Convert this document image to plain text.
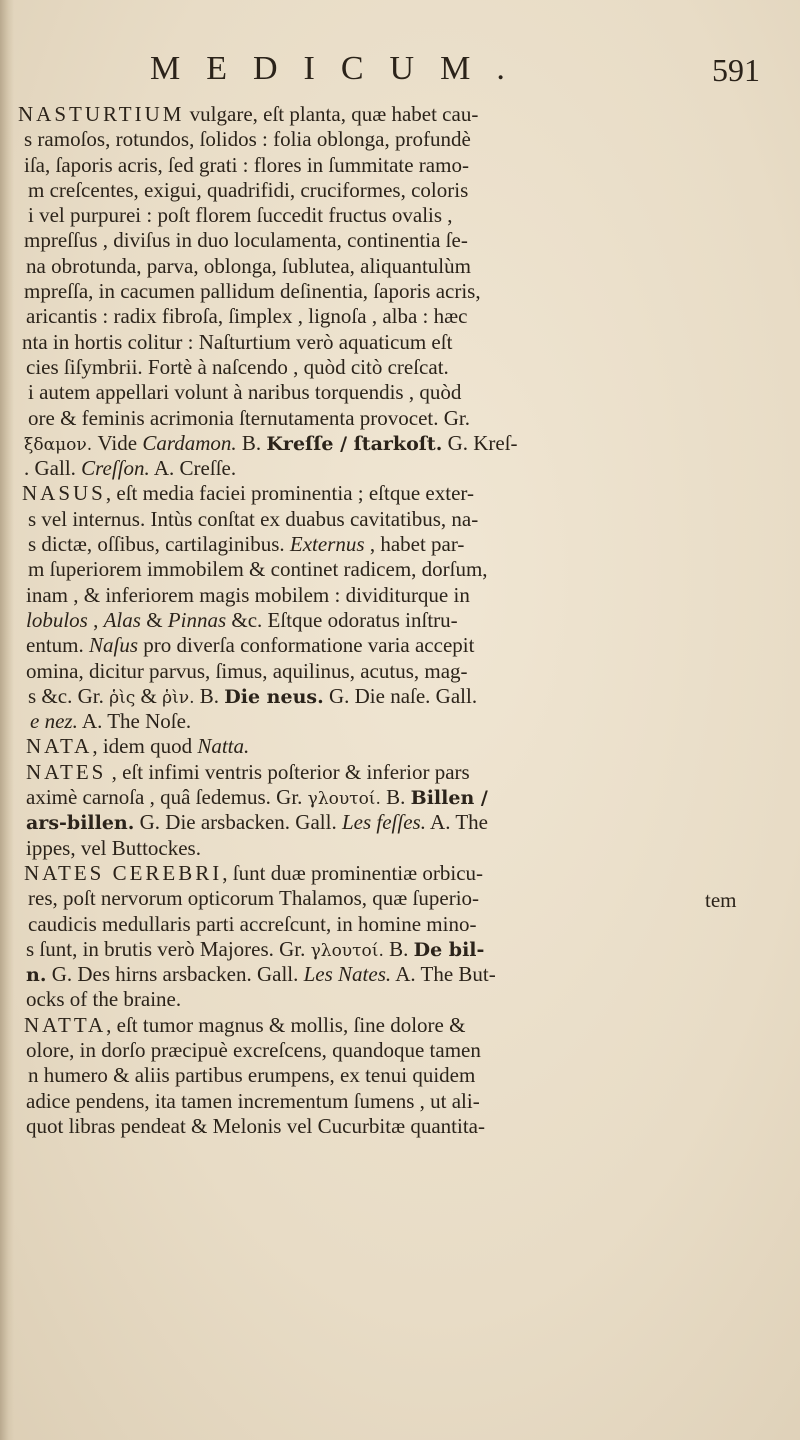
MEDICUM.	591
NASTURTIUM vulgare, eſt planta, quæ habet cau-
s ramoſos, rotundos, ſolidos : folia oblonga, profundè
iſa, ſaporis acris, ſed grati : flores in ſummitate ramo-
m creſcentes, exigui, quadrifidi, cruciformes, coloris
i vel purpurei : poſt florem ſuccedit fructus ovalis ,
mpreſſus , diviſus in duo loculamenta, continentia ſe-
na obrotunda, parva, oblonga, ſublutea, aliquantulùm
mpreſſa, in cacumen pallidum deſinentia, ſaporis acris,
aricantis : radix fibroſa, ſimplex , lignoſa , alba : hæc
nta in hortis colitur : Naſturtium verò aquaticum eſt
cies ſiſymbrii. Fortè à naſcendo , quòd citò creſcat.
i autem appellari volunt à naribus torquendis , quòd
ore & feminis acrimonia ſternutamenta provocet. Gr.
ξδαμον. Vide Cardamon. B. Kreſſe / ſtarkoſt. G. Kreſ-
. Gall. Creſſon. A. Creſſe.
NASUS, eſt media faciei prominentia ; eſtque exter-
s vel internus. Intùs conſtat ex duabus cavitatibus, na-
s dictæ, oſſibus, cartilaginibus. Externus , habet par-
m ſuperiorem immobilem & continet radicem, dorſum,
inam , & inferiorem magis mobilem : dividiturque in
lobulos , Alas & Pinnas &c. Eſtque odoratus inſtru-
entum. Naſus pro diverſa conformatione varia accepit
omina, dicitur parvus, ſimus, aquilinus, acutus, mag-
s &c. Gr. ῥὶς & ῥὶν. B. Die neus. G. Die naſe. Gall.
e nez. A. The Noſe.
NATA, idem quod Natta.
NATES , eſt infimi ventris poſterior & inferior pars
aximè carnoſa , quâ ſedemus. Gr. γλουτοί. B. Billen /
ars-billen. G. Die arsbacken. Gall. Les feſſes. A. The
ippes, vel Buttockes.
NATES CEREBRI, ſunt duæ prominentiæ orbicu-
res, poſt nervorum opticorum Thalamos, quæ ſuperio-
caudicis medullaris parti accreſcunt, in homine mino-
s ſunt, in brutis verò Majores. Gr. γλουτοί. B. De bil-
n. G. Des hirns arsbacken. Gall. Les Nates. A. The But-
ocks of the braine.
NATTA, eſt tumor magnus & mollis, ſine dolore &
olore, in dorſo præcipuè excreſcens, quandoque tamen
n humero & aliis partibus erumpens, ex tenui quidem
adice pendens, ita tamen incrementum ſumens , ut ali-
quot libras pendeat & Melonis vel Cucurbitæ quantita-
tem
